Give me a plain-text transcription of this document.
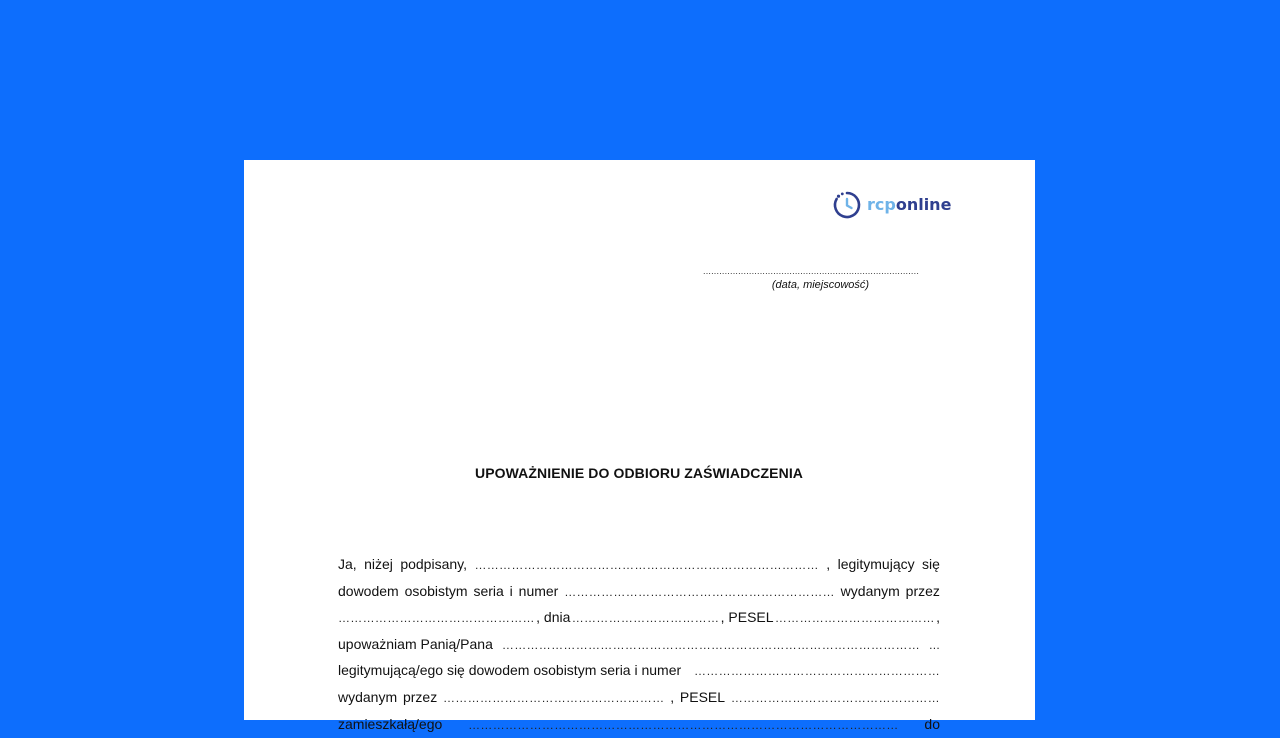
rcponline
................................................................................
(data, miejscowość)
UPOWAŻNIENIE DO ODBIORU ZAŚWIADCZENIA
Ja, niżej podpisany, ………………………………………………………………………… , legitymujący się
dowodem osobistym seria i numer ………………………………………………………… wydanym przez
………………………………………… , dnia ……………………………… , PESEL ………………………………… ,
upoważniam Panią/Pana ………………………………………………………………………………………… ...
legitymującą/ego się dowodem osobistym seria i numer ……………………………………………………
wydanym przez ……………………………………………… , PESEL ……………………………………………
zamieszkałą/ego …………………………………………………………………………………………… do
